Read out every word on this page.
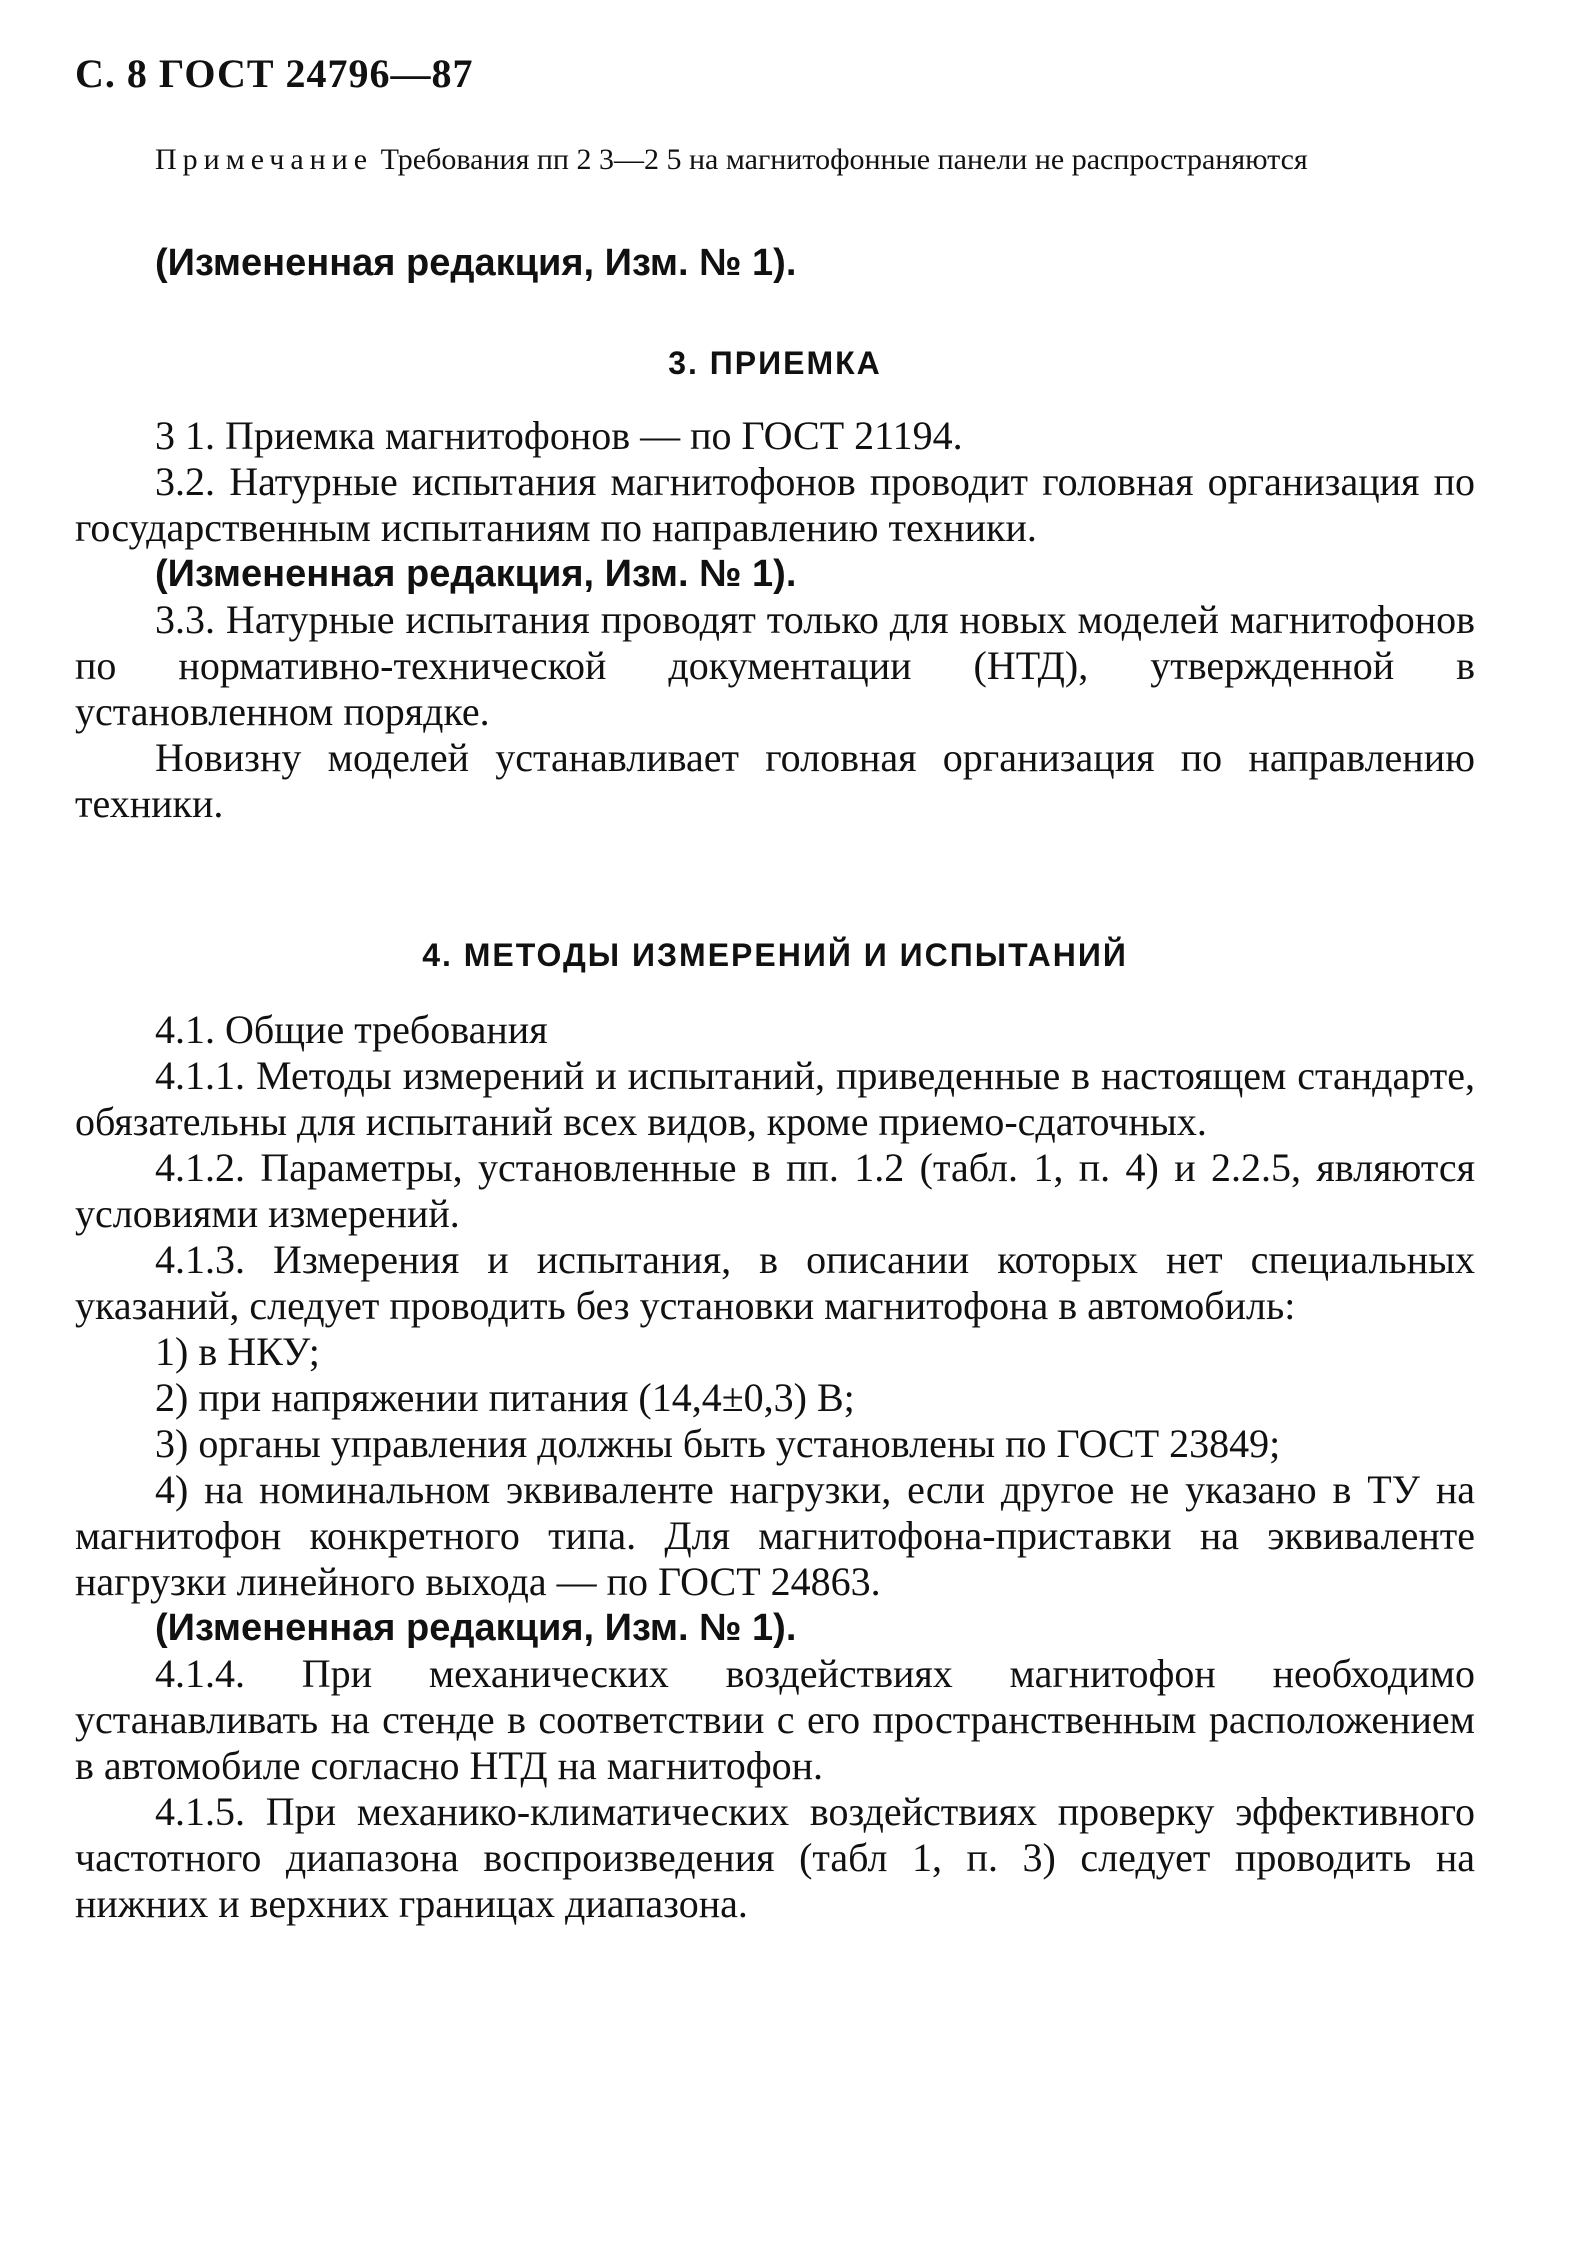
С. 8 ГОСТ 24796—87
Примечание Требования пп 2 3—2 5 на магнитофонные панели не распространяются

(Измененная редакция, Изм. № 1).

3. ПРИЕМКА

3 1. Приемка магнитофонов — по ГОСТ 21194.

3.2. Натурные испытания магнитофонов проводит головная организация по государственным испытаниям по направлению техники.

(Измененная редакция, Изм. № 1).

3.3. Натурные испытания проводят только для новых моделей магнитофонов по нормативно-технической документации (НТД), утвержденной в установленном порядке.

Новизну моделей устанавливает головная организация по направлению техники.

4. МЕТОДЫ ИЗМЕРЕНИЙ И ИСПЫТАНИЙ

4.1. Общие требования

4.1.1. Методы измерений и испытаний, приведенные в настоящем стандарте, обязательны для испытаний всех видов, кроме приемо-сдаточных.

4.1.2. Параметры, установленные в пп. 1.2 (табл. 1, п. 4) и 2.2.5, являются условиями измерений.

4.1.3. Измерения и испытания, в описании которых нет специальных указаний, следует проводить без установки магнитофона в автомобиль:

1) в НКУ;

2) при напряжении питания (14,4±0,3) В;

3) органы управления должны быть установлены по ГОСТ 23849;

4) на номинальном эквиваленте нагрузки, если другое не указано в ТУ на магнитофон конкретного типа. Для магнитофона-приставки на эквиваленте нагрузки линейного выхода — по ГОСТ 24863.

(Измененная редакция, Изм. № 1).

4.1.4. При механических воздействиях магнитофон необходимо устанавливать на стенде в соответствии с его пространственным расположением в автомобиле согласно НТД на магнитофон.

4.1.5. При механико-климатических воздействиях проверку эффективного частотного диапазона воспроизведения (табл 1, п. 3) следует проводить на нижних и верхних границах диапазона.
